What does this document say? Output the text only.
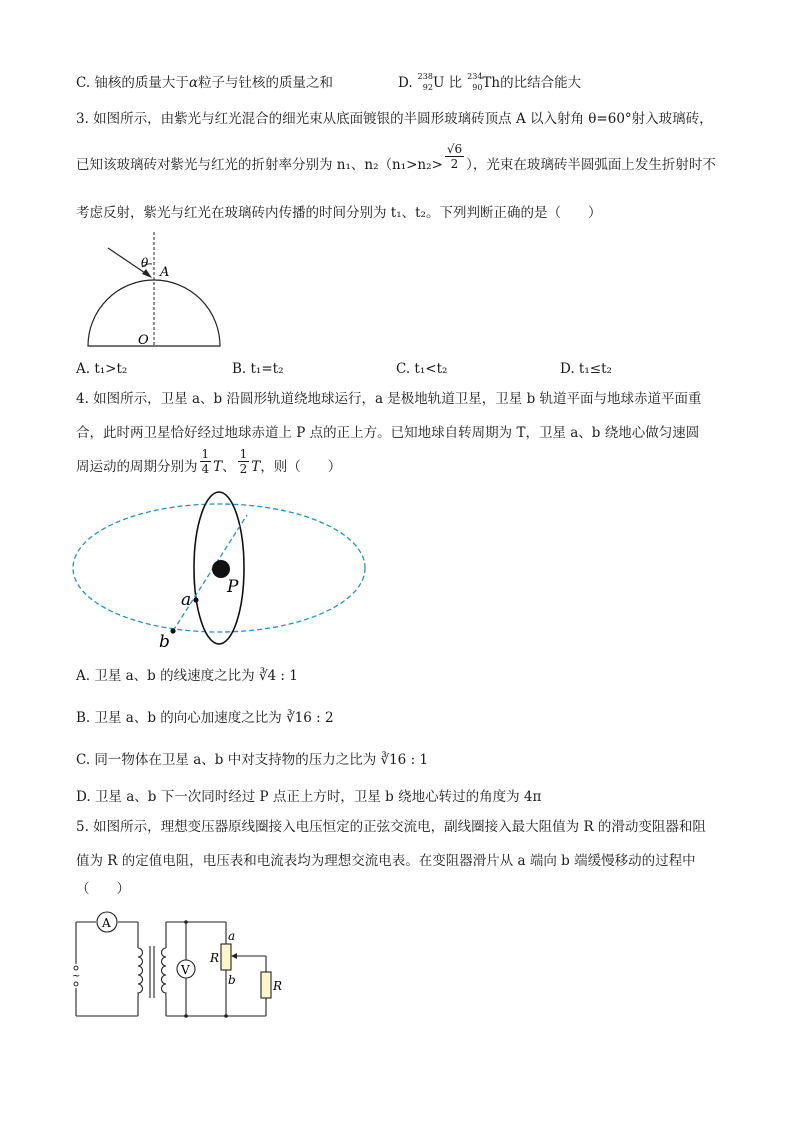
C. 铀核的质量大于α粒子与钍核的质量之和	D. 238
92 U 比 234
90 Th的比结合能大
3. 如图所示，由紫光与红光混合的细光束从底面镀银的半圆形玻璃砖顶点 A 以入射角 θ=60°射入玻璃砖，
已知该玻璃砖对紫光与红光的折射率分别为 n₁、$n_2(n_1>n_2> \frac{√6}{2}$ ），光束在玻璃砖半圆弧面上发生折射时不
考虑反射，紫光与红光在玻璃砖内传播的时间分别为 t₁、t₂。下列判断正确的是（　　）
θ
A
O
A. t₁>t₂	B. t₁=t₂	C. t₁<t₂	D. t₁≤t₂
4. 如图所示，卫星 a、b 沿圆形轨道绕地球运行，a 是极地轨道卫星，卫星 b 轨道平面与地球赤道平面重
合，此时两卫星恰好经过地球赤道上 P 点的正上方。已知地球自转周期为 T，卫星 a、b 绕地心做匀速圆
周运动的周期分别为 $\frac{1}{4}$ T、 $\frac{1}{2}$ T，则（　　）
P
a
b
A. 卫星 a、b 的线速度之比为 ∛4 : 1
B. 卫星 a、b 的向心加速度之比为 ∛16 : 2
C. 同一物体在卫星 a、b 中对支持物的压力之比为 ∛16 : 1
D. 卫星 a、b 下一次同时经过 P 点正上方时，卫星 b 绕地心转过的角度为 4π
5. 如图所示，理想变压器原线圈接入电压恒定的正弦交流电，副线圈接入最大阻值为 R 的滑动变阻器和阻
值为 R 的定值电阻，电压表和电流表均为理想交流电表。在变阻器滑片从 a 端向 b 端缓慢移动的过程中
（　　）
A
V
~
R
a
b	R
